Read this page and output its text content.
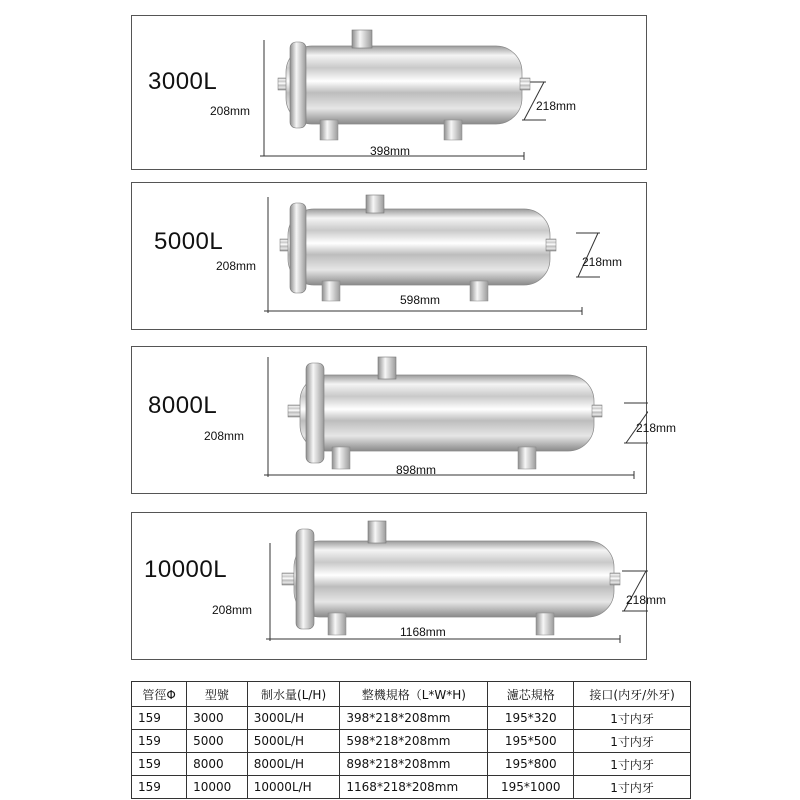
3000L
208mm	218mm
398mm
5000L
208mm	218mm
598mm
8000L
208mm
218mm
898mm
10000L
208mm
218mm
1168mm
管徑Φ	型號	制水量(L/H)	整機規格（L*W*H)	濾芯規格	接口(内牙/外牙)
159	3000	3000L/H	398*218*208mm	195*320	1寸内牙
159	5000	5000L/H	598*218*208mm	195*500	1寸内牙
159	8000	8000L/H	898*218*208mm	195*800	1寸内牙
159	10000	10000L/H	1168*218*208mm	195*1000	1寸内牙
